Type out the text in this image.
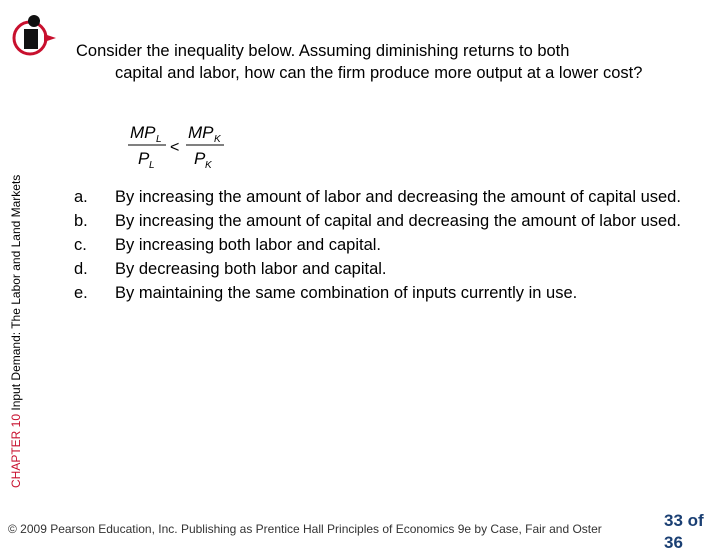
CHAPTER 10 Input Demand: The Labor and Land Markets
Consider the inequality below. Assuming diminishing returns to both
capital and labor, how can the firm produce more output at a lower cost?
MP L
P L
<
MP K
P K
a. By increasing the amount of labor and decreasing the amount of capital used.
b. By increasing the amount of capital and decreasing the amount of labor used.
c. By increasing both labor and capital.
d. By decreasing both labor and capital.
e. By maintaining the same combination of inputs currently in use.
© 2009 Pearson Education, Inc. Publishing as Prentice Hall Principles of Economics 9e by Case, Fair and Oster	33 of 36
